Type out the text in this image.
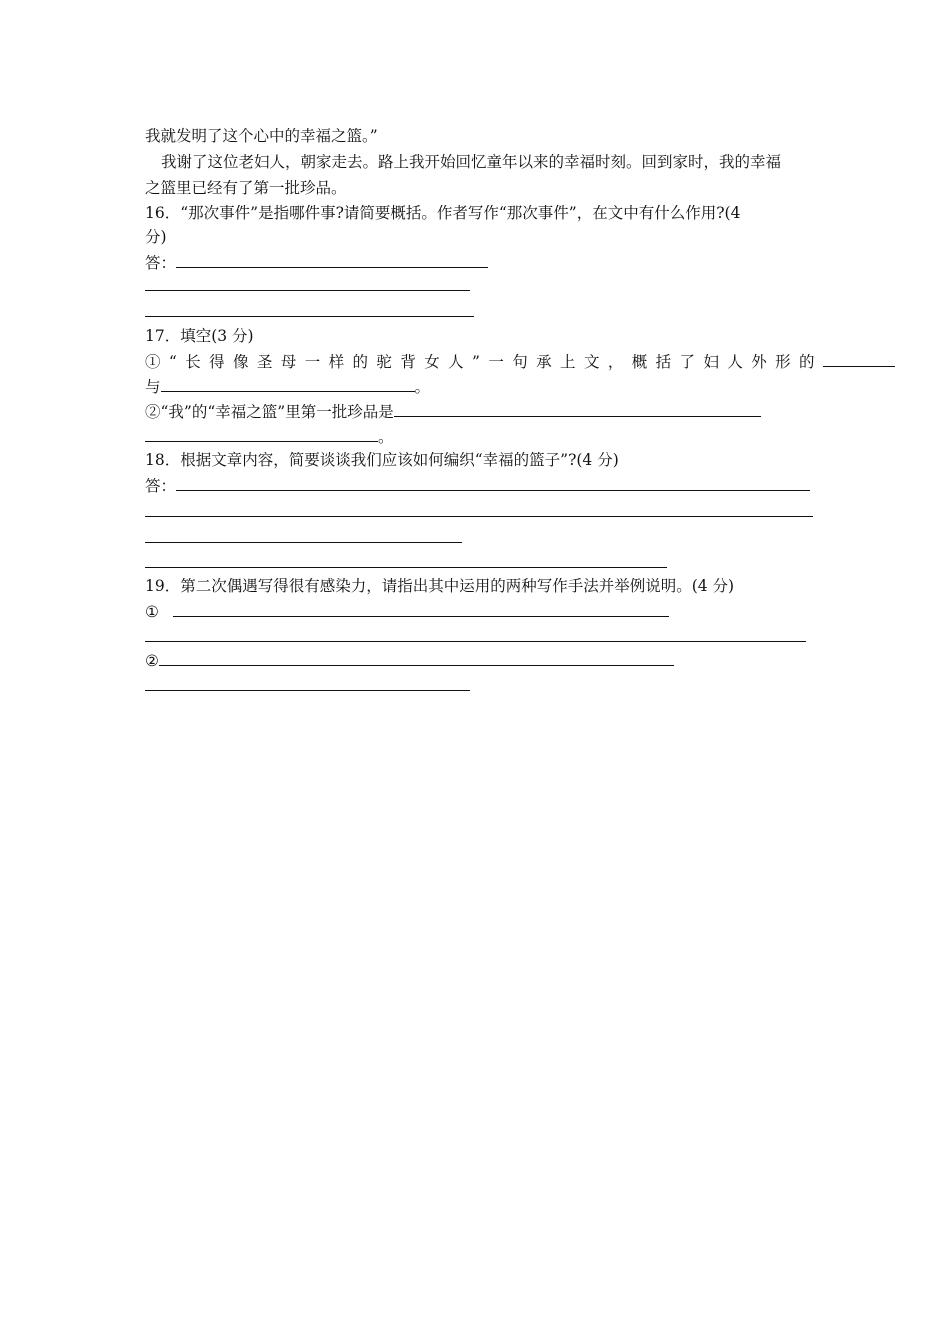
我就发明了这个心中的幸福之篮。”
我谢了这位老妇人，朝家走去。路上我开始回忆童年以来的幸福时刻。回到家时，我的幸福
之篮里已经有了第一批珍品。
16．“那次事件”是指哪件事?请简要概括。作者写作“那次事件”，在文中有什么作用?(4
分)
答：
17．填空(3 分)
①“长得像圣母一样的驼背女人”一句承上文，概括了妇人外形的
与	。
②“我”的“幸福之篮”里第一批珍品是
。
18．根据文章内容，简要谈谈我们应该如何编织“幸福的篮子”?(4 分)
答：
19．第二次偶遇写得很有感染力，请指出其中运用的两种写作手法并举例说明。(4 分)
①
②
